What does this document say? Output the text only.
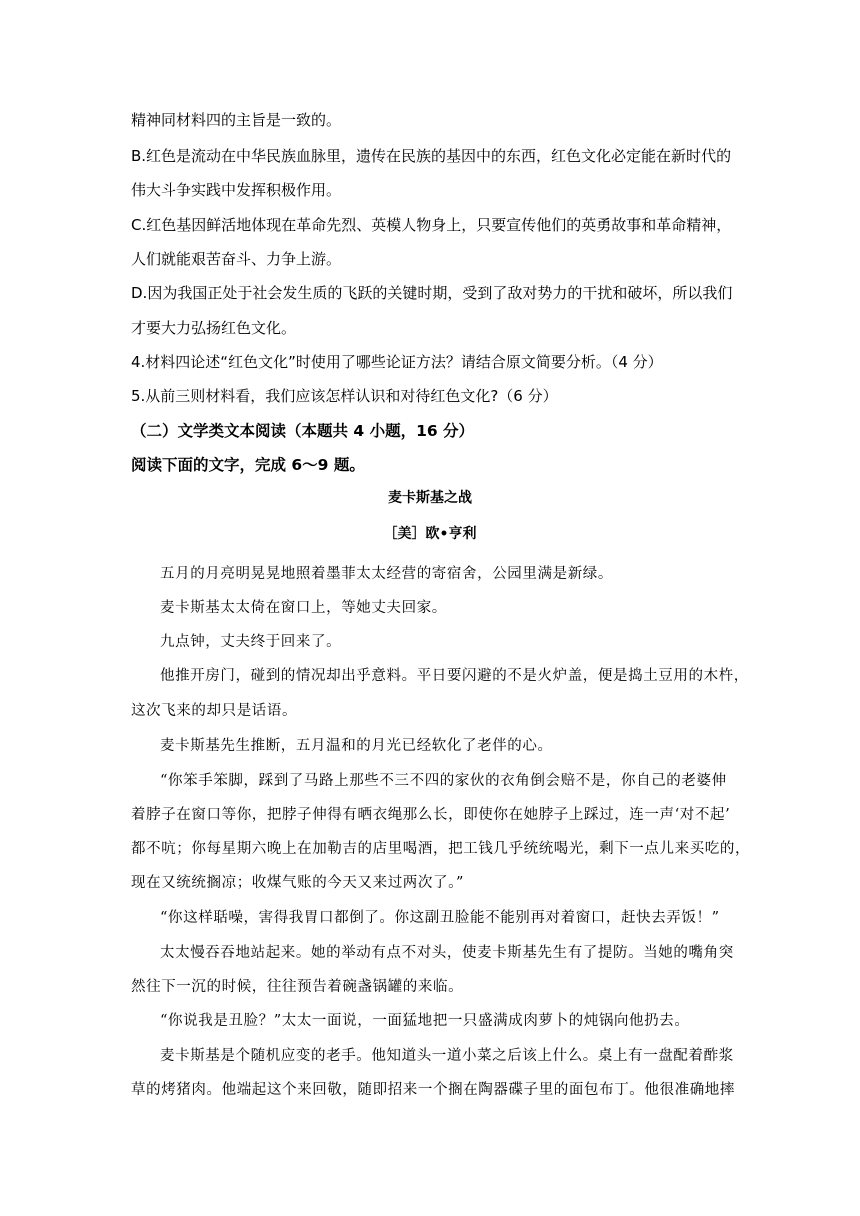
精神同材料四的主旨是一致的。
B.红色是流动在中华民族血脉里，遗传在民族的基因中的东西，红色文化必定能在新时代的
伟大斗争实践中发挥积极作用。
C.红色基因鲜活地体现在革命先烈、英模人物身上，只要宣传他们的英勇故事和革命精神，
人们就能艰苦奋斗、力争上游。
D.因为我国正处于社会发生质的飞跃的关键时期，受到了敌对势力的干扰和破坏，所以我们
才要大力弘扬红色文化。
4.材料四论述“红色文化”时使用了哪些论证方法？请结合原文简要分析。（4 分）
5.从前三则材料看，我们应该怎样认识和对待红色文化?（6 分）
（二）文学类文本阅读（本题共 4 小题，16 分）
阅读下面的文字，完成 6～9 题。
麦卡斯基之战
［美］欧•亨利
五月的月亮明晃晃地照着墨菲太太经营的寄宿舍，公园里满是新绿。
麦卡斯基太太倚在窗口上，等她丈夫回家。
九点钟，丈夫终于回来了。
他推开房门，碰到的情况却出乎意料。平日要闪避的不是火炉盖，便是捣土豆用的木杵，
这次飞来的却只是话语。
麦卡斯基先生推断，五月温和的月光已经软化了老伴的心。
“你笨手笨脚，踩到了马路上那些不三不四的家伙的衣角倒会赔不是，你自己的老婆伸
着脖子在窗口等你，把脖子伸得有晒衣绳那么长，即使你在她脖子上踩过，连一声‘对不起’
都不吭；你每星期六晚上在加勒吉的店里喝酒，把工钱几乎统统喝光，剩下一点儿来买吃的，
现在又统统搁凉；收煤气账的今天又来过两次了。”
“你这样聒噪，害得我胃口都倒了。你这副丑脸能不能别再对着窗口，赶快去弄饭！”
太太慢吞吞地站起来。她的举动有点不对头，使麦卡斯基先生有了提防。当她的嘴角突
然往下一沉的时候，往往预告着碗盏锅罐的来临。
“你说我是丑脸？”太太一面说，一面猛地把一只盛满成肉萝卜的炖锅向他扔去。
麦卡斯基是个随机应变的老手。他知道头一道小菜之后该上什么。桌上有一盘配着酢浆
草的烤猪肉。他端起这个来回敬，随即招来一个搁在陶器碟子里的面包布丁。他很准确地摔
